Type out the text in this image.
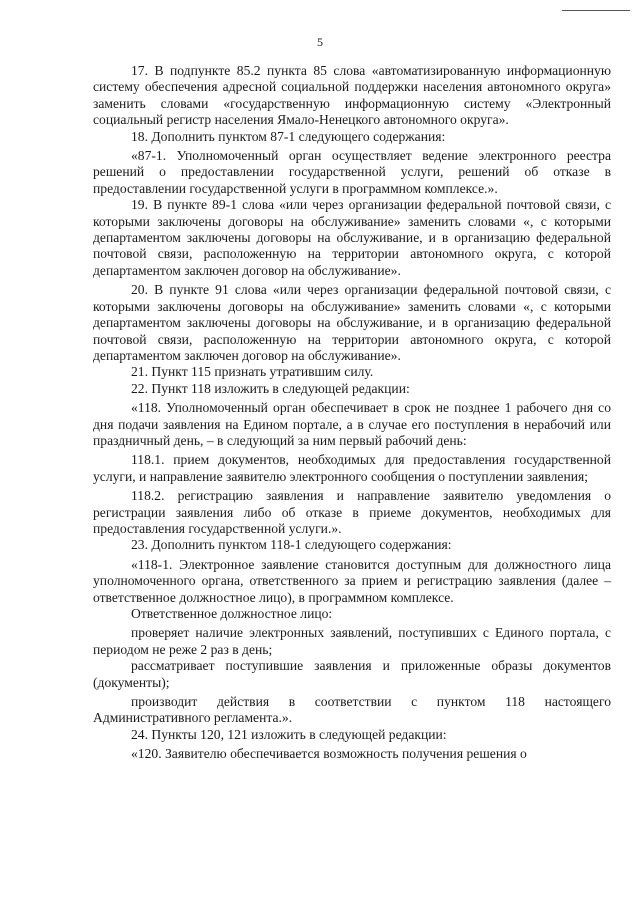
5

17. В подпункте 85.2 пункта 85 слова «автоматизированную информационную систему обеспечения адресной социальной поддержки населения автономного округа» заменить словами «государственную информационную систему «Электронный социальный регистр населения Ямало-Ненецкого автономного округа».

18. Дополнить пунктом 87-1 следующего содержания:

«87-1. Уполномоченный орган осуществляет ведение электронного реестра решений о предоставлении государственной услуги, решений об отказе в предоставлении государственной услуги в программном комплексе.».

19. В пункте 89-1 слова «или через организации федеральной почтовой связи, с которыми заключены договоры на обслуживание» заменить словами «, с которыми департаментом заключены договоры на обслуживание, и в организацию федеральной почтовой связи, расположенную на территории автономного округа, с которой департаментом заключен договор на обслуживание».

20. В пункте 91 слова «или через организации федеральной почтовой связи, с которыми заключены договоры на обслуживание» заменить словами «, с которыми департаментом заключены договоры на обслуживание, и в организацию федеральной почтовой связи, расположенную на территории автономного округа, с которой департаментом заключен договор на обслуживание».

21. Пункт 115 признать утратившим силу.

22. Пункт 118 изложить в следующей редакции:

«118. Уполномоченный орган обеспечивает в срок не позднее 1 рабочего дня со дня подачи заявления на Едином портале, а в случае его поступления в нерабочий или праздничный день, – в следующий за ним первый рабочий день:

118.1. прием документов, необходимых для предоставления государственной услуги, и направление заявителю электронного сообщения о поступлении заявления;

118.2. регистрацию заявления и направление заявителю уведомления о регистрации заявления либо об отказе в приеме документов, необходимых для предоставления государственной услуги.».

23. Дополнить пунктом 118-1 следующего содержания:

«118-1. Электронное заявление становится доступным для должностного лица уполномоченного органа, ответственного за прием и регистрацию заявления (далее – ответственное должностное лицо), в программном комплексе.

Ответственное должностное лицо:

проверяет наличие электронных заявлений, поступивших с Единого портала, с периодом не реже 2 раз в день;

рассматривает поступившие заявления и приложенные образы документов (документы);

производит действия в соответствии с пунктом 118 настоящего Административного регламента.».

24. Пункты 120, 121 изложить в следующей редакции:

«120. Заявителю обеспечивается возможность получения решения о
